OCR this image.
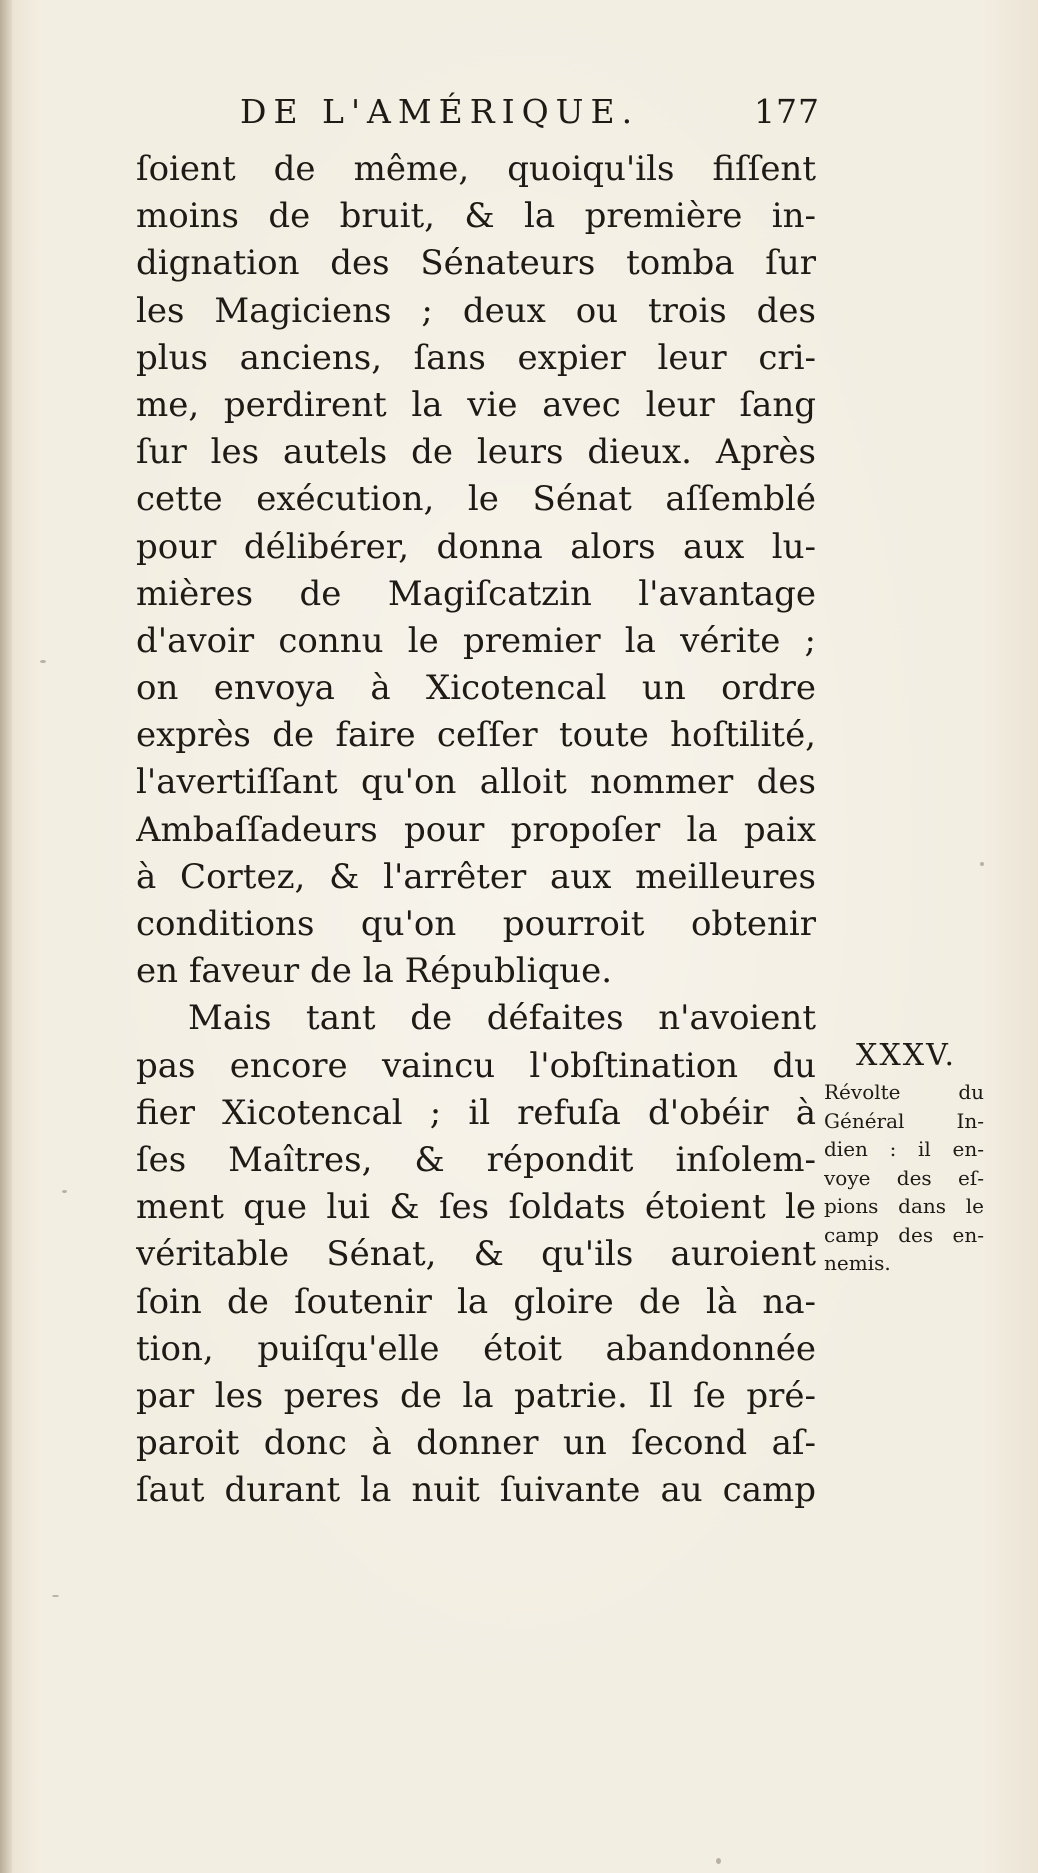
DE L'AMÉRIQUE.	177
ſoient de même, quoiqu'ils fiſſent
moins de bruit, & la première in-
dignation des Sénateurs tomba ſur
les Magiciens ; deux ou trois des
plus anciens, ſans expier leur cri-
me, perdirent la vie avec leur ſang
ſur les autels de leurs dieux. Après
cette exécution, le Sénat aſſemblé
pour délibérer, donna alors aux lu-
mières de Magiſcatzin l'avantage
d'avoir connu le premier la vérite ;
on envoya à Xicotencal un ordre
exprès de faire ceſſer toute hoſtilité,
l'avertiſſant qu'on alloit nommer des
Ambaſſadeurs pour propoſer la paix
à Cortez, & l'arrêter aux meilleures
conditions qu'on pourroit obtenir
en faveur de la République.
Mais tant de défaites n'avoient
pas encore vaincu l'obſtination du
fier Xicotencal ; il refuſa d'obéir à
ſes Maîtres, & répondit inſolem-
ment que lui & ſes ſoldats étoient le
véritable Sénat, & qu'ils auroient
ſoin de ſoutenir la gloire de là na-
tion, puiſqu'elle étoit abandonnée
par les peres de la patrie. Il ſe pré-
paroit donc à donner un ſecond aſ-
ſaut durant la nuit ſuivante au camp
XXXV.
Révolte du
Général In-
dien : il en-
voye des eſ-
pions dans le
camp des en-
nemis.
